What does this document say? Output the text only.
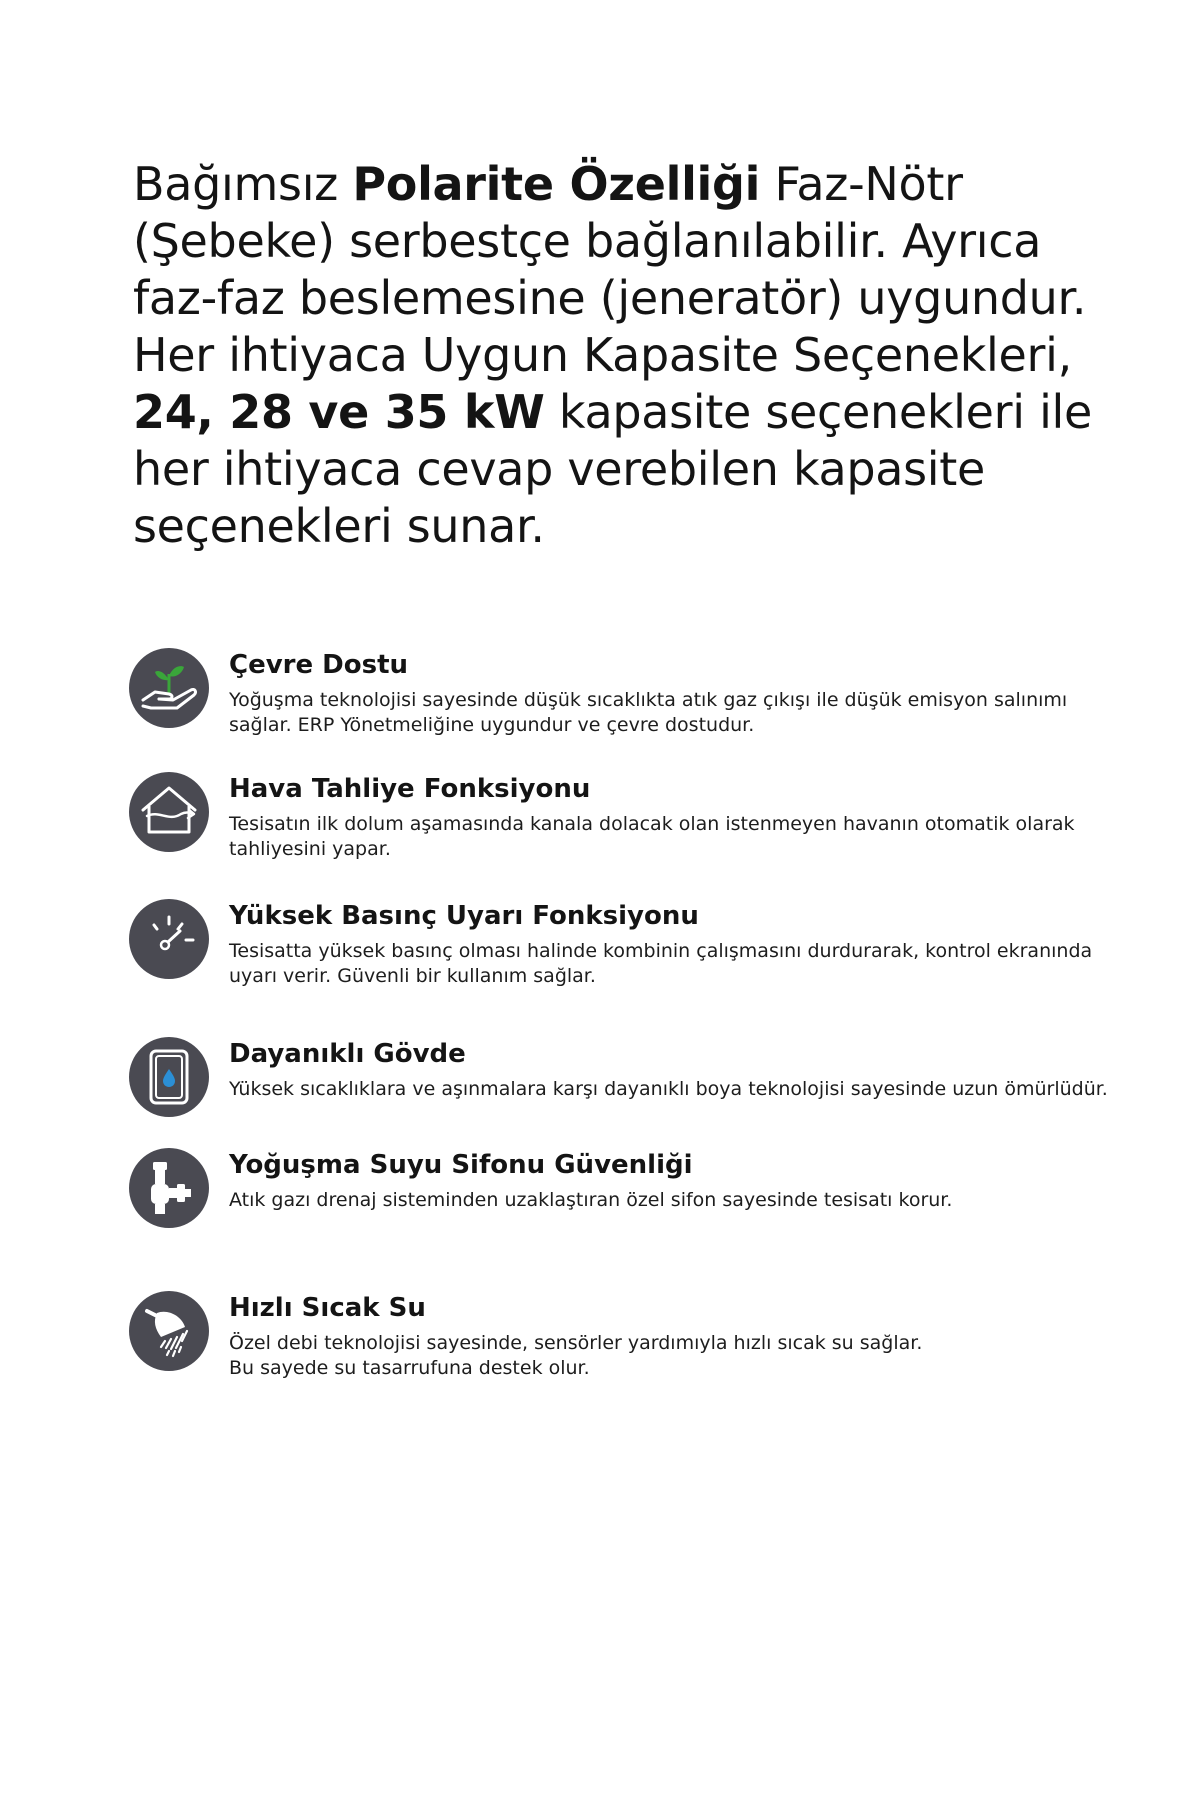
Bağımsız Polarite Özelliği Faz-Nötr (Şebeke) serbestçe bağlanılabilir. Ayrıca faz-faz beslemesine (jeneratör) uygundur. Her ihtiyaca Uygun Kapasite Seçenekleri, 24, 28 ve 35 kW kapasite seçenekleri ile her ihtiyaca cevap verebilen kapasite seçenekleri sunar.

Çevre Dostu

Yoğuşma teknolojisi sayesinde düşük sıcaklıkta atık gaz çıkışı ile düşük emisyon salınımı sağlar. ERP Yönetmeliğine uygundur ve çevre dostudur.

Hava Tahliye Fonksiyonu

Tesisatın ilk dolum aşamasında kanala dolacak olan istenmeyen havanın otomatik olarak tahliyesini yapar.

Yüksek Basınç Uyarı Fonksiyonu

Tesisatta yüksek basınç olması halinde kombinin çalışmasını durdurarak, kontrol ekranında uyarı verir. Güvenli bir kullanım sağlar.

Dayanıklı Gövde

Yüksek sıcaklıklara ve aşınmalara karşı dayanıklı boya teknolojisi sayesinde uzun ömürlüdür.

Yoğuşma Suyu Sifonu Güvenliği

Atık gazı drenaj sisteminden uzaklaştıran özel sifon sayesinde tesisatı korur.

Hızlı Sıcak Su

Özel debi teknolojisi sayesinde, sensörler yardımıyla hızlı sıcak su sağlar.
Bu sayede su tasarrufuna destek olur.
